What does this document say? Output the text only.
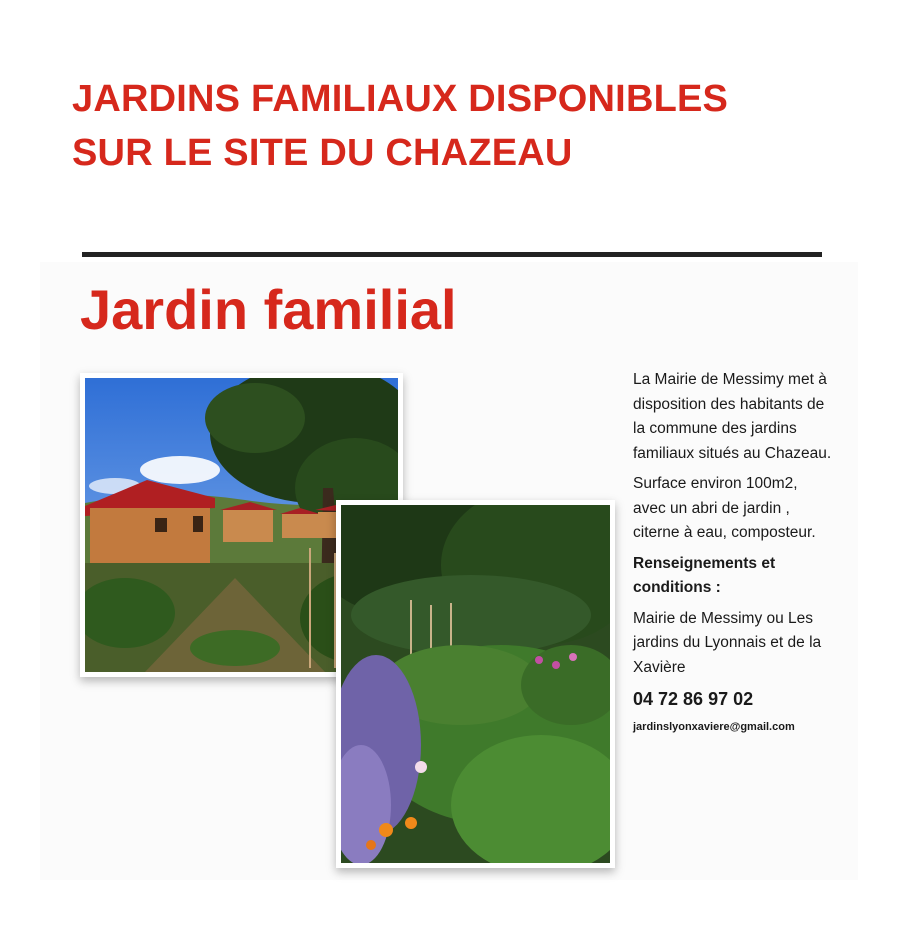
JARDINS FAMILIAUX DISPONIBLES
SUR LE SITE DU CHAZEAU
Jardin familial

La Mairie de Messimy met à disposition des habitants de la commune des jardins familiaux situés au Chazeau.

Surface environ 100m2, avec un abri de jardin , citerne à eau, composteur.

Renseignements et conditions :

Mairie de Messimy ou Les jardins du Lyonnais et de la Xavière

04 72 86 97 02

jardinslyonxaviere@gmail.com
